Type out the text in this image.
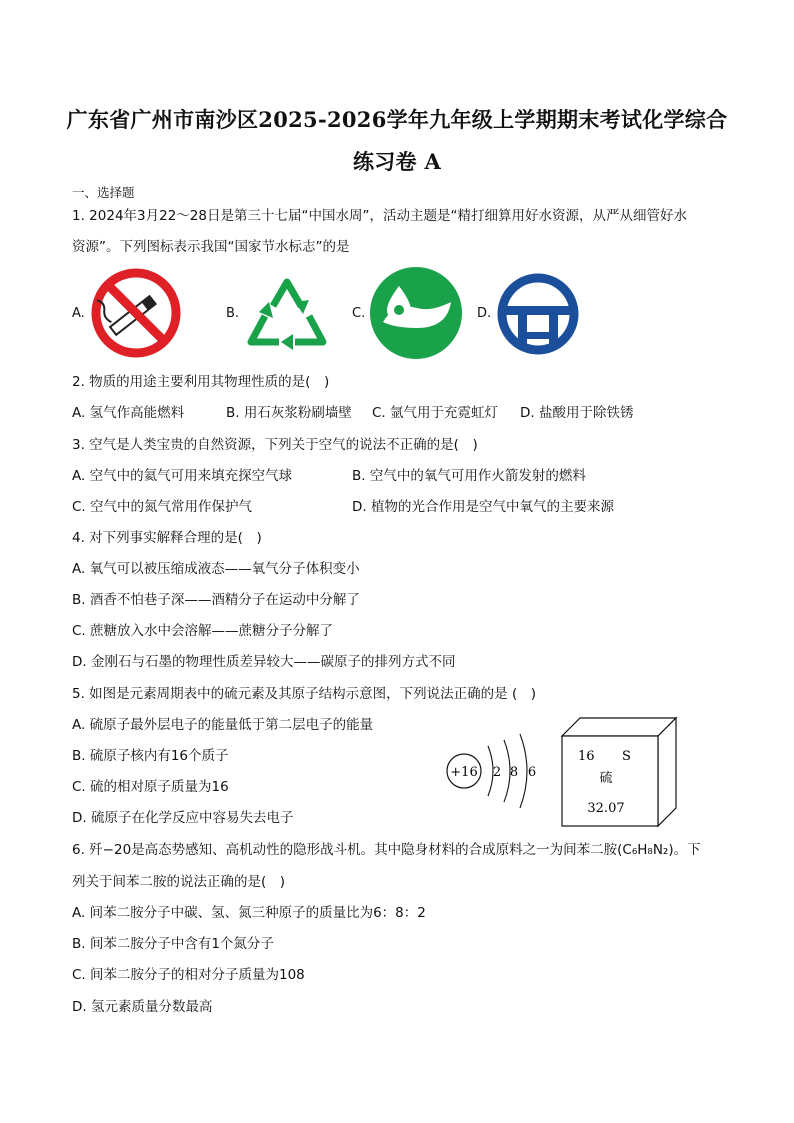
广东省广州市南沙区2025-2026学年九年级上学期期末考试化学综合
练习卷 A
一、选择题
1. 2024年3月22～28日是第三十七届“中国水周”，活动主题是“精打细算用好水资源，从严从细管好水
资源”。下列图标表示我国“国家节水标志”的是
A.	B.	C.	D.
2. 物质的用途主要利用其物理性质的是(　)
A. 氢气作高能燃料	B. 用石灰浆粉刷墙壁 C. 氩气用于充霓虹灯 D. 盐酸用于除铁锈
3. 空气是人类宝贵的自然资源，下列关于空气的说法不正确的是(　)
A. 空气中的氦气可用来填充探空气球	B. 空气中的氧气可用作火箭发射的燃料
C. 空气中的氮气常用作保护气	D. 植物的光合作用是空气中氧气的主要来源
4. 对下列事实解释合理的是(　)
A. 氧气可以被压缩成液态——氧气分子体积变小
B. 酒香不怕巷子深——酒精分子在运动中分解了
C. 蔗糖放入水中会溶解——蔗糖分子分解了
D. 金刚石与石墨的物理性质差异较大——碳原子的排列方式不同
5. 如图是元素周期表中的硫元素及其原子结构示意图，下列说法正确的是 (　)
A. 硫原子最外层电子的能量低于第二层电子的能量
B. 硫原子核内有16个质子
C. 硫的相对原子质量为16
D. 硫原子在化学反应中容易失去电子
+16 2 8 6
16 S
硫
32.07
6. 歼−20是高态势感知、高机动性的隐形战斗机。其中隐身材料的合成原料之一为间苯二胺(C₆H₈N₂)。下
列关于间苯二胺的说法正确的是(　)
A. 间苯二胺分子中碳、氢、氮三种原子的质量比为6：8：2
B. 间苯二胺分子中含有1个氮分子
C. 间苯二胺分子的相对分子质量为108
D. 氢元素质量分数最高
